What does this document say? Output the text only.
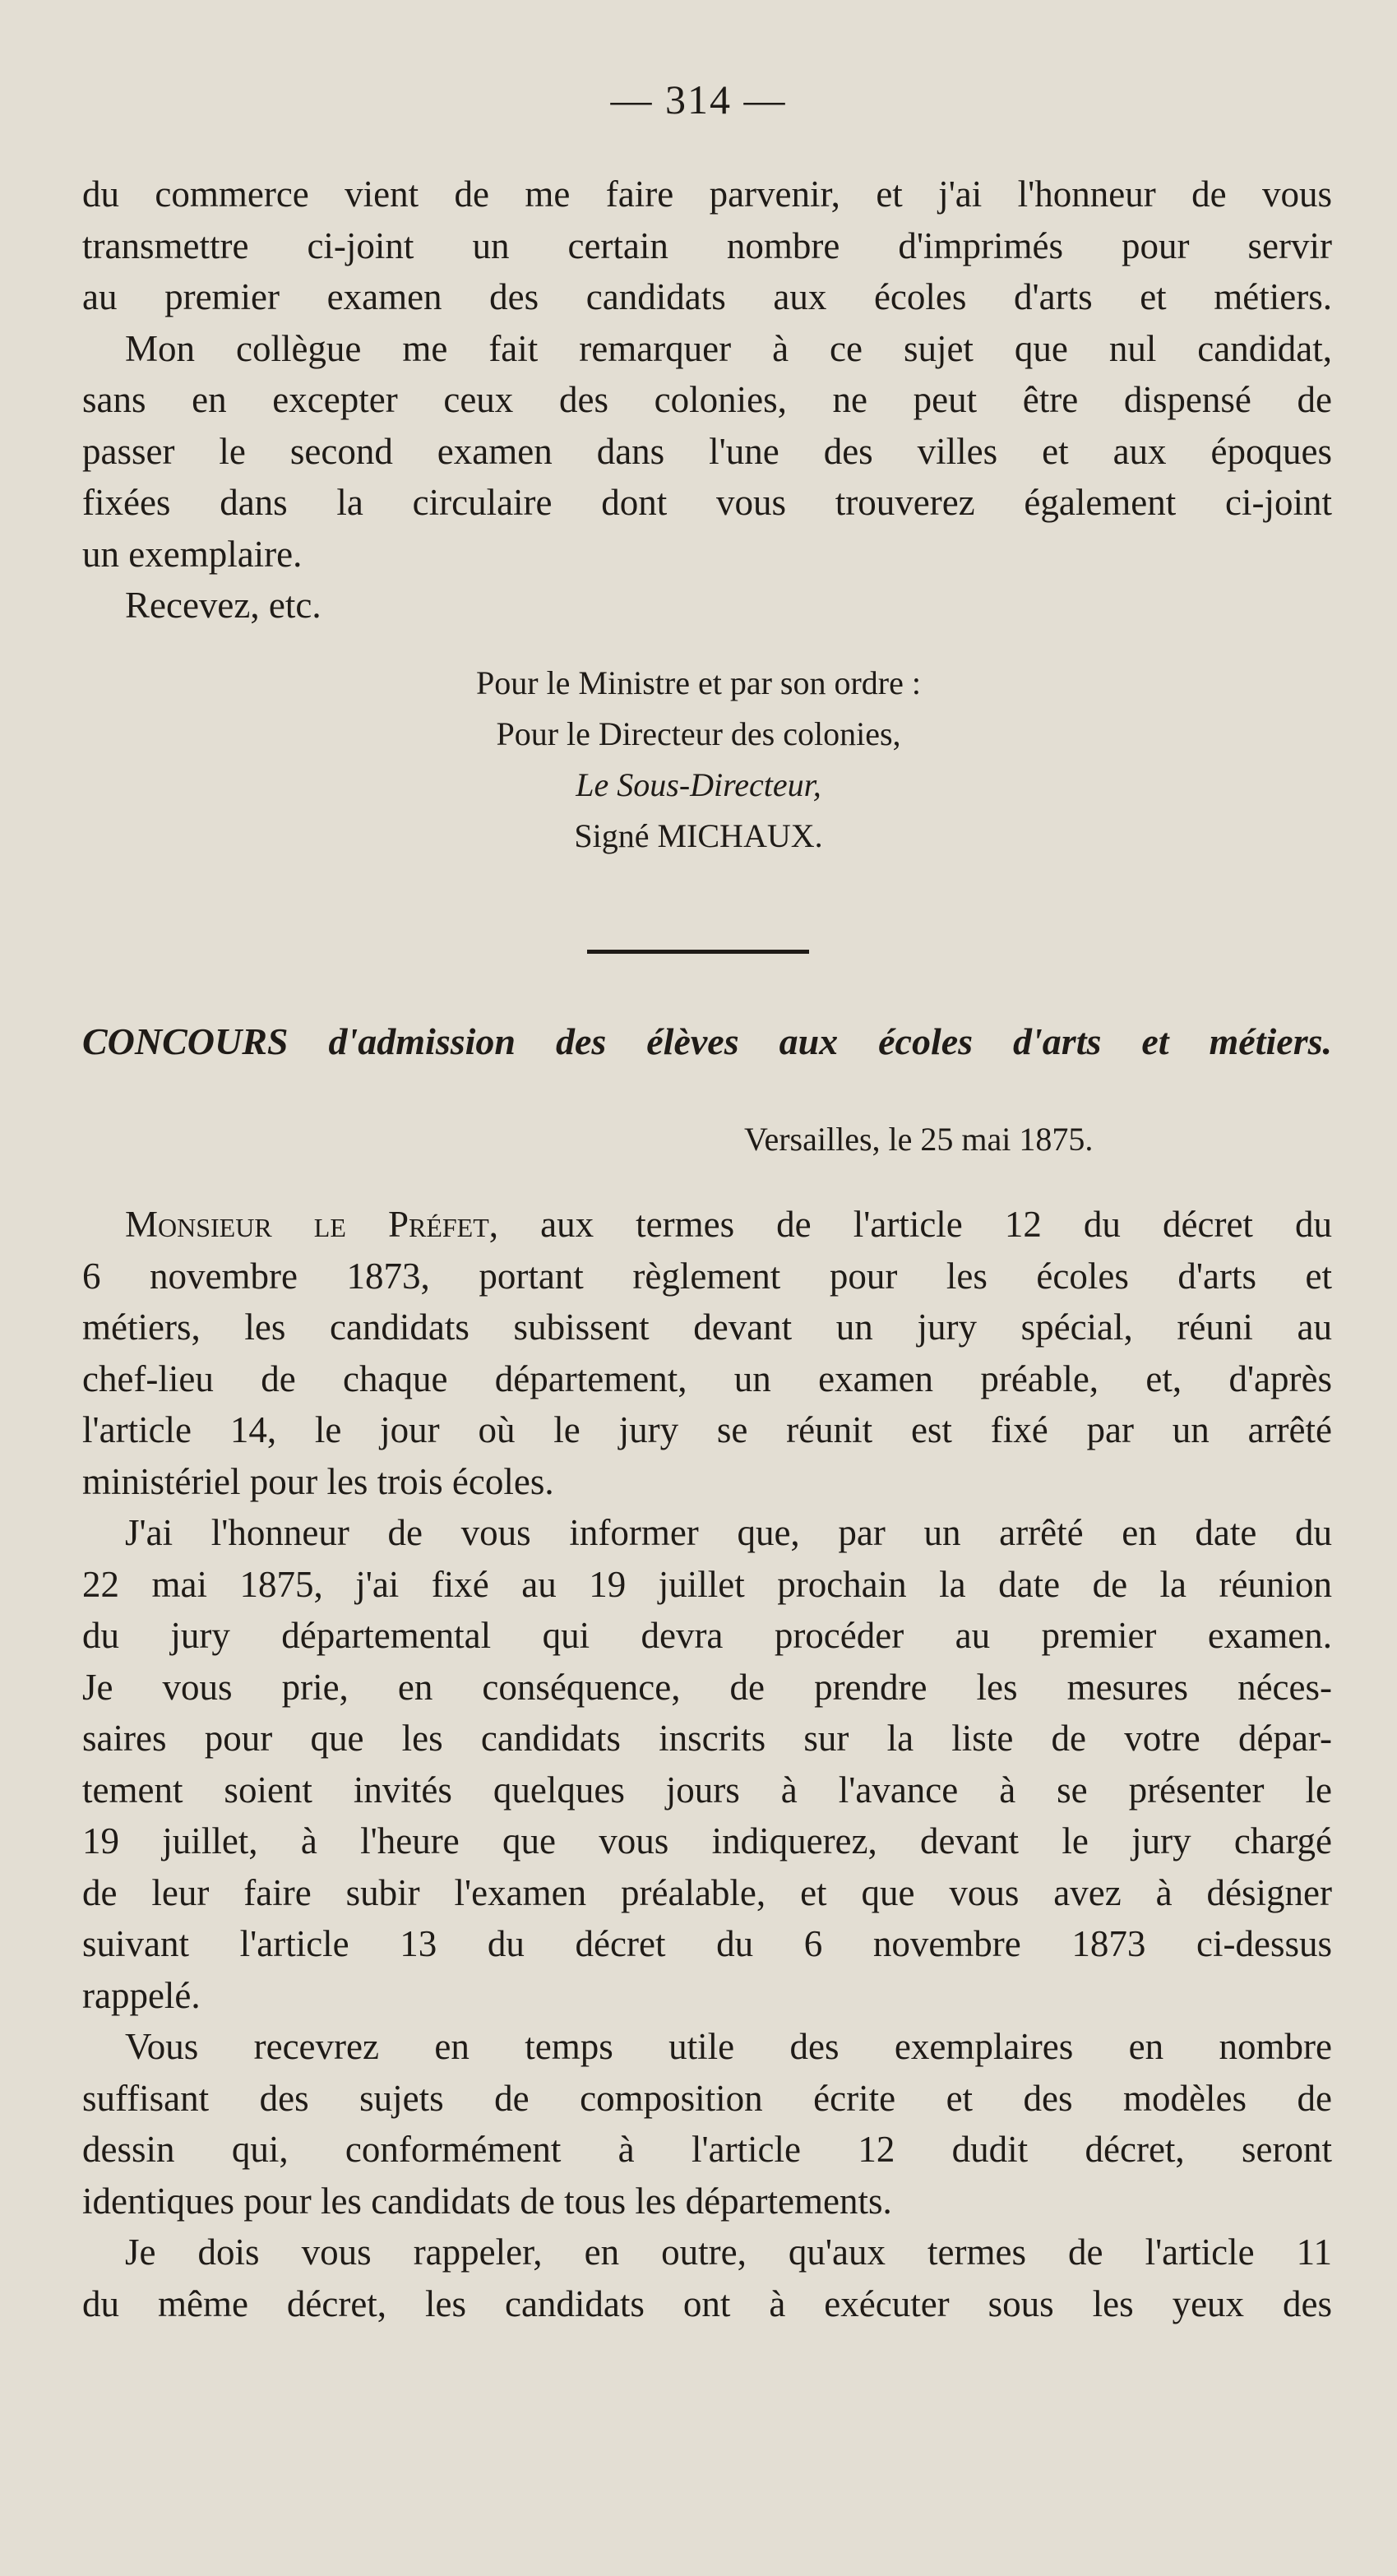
— 314 —
du commerce vient de me faire parvenir, et j'ai l'honneur de vous
transmettre ci-joint un certain nombre d'imprimés pour servir
au premier examen des candidats aux écoles d'arts et métiers.
Mon collègue me fait remarquer à ce sujet que nul candidat,
sans en excepter ceux des colonies, ne peut être dispensé de
passer le second examen dans l'une des villes et aux époques
fixées dans la circulaire dont vous trouverez également ci-joint
un exemplaire.
Recevez, etc.
Pour le Ministre et par son ordre :
Pour le Directeur des colonies,
Le Sous-Directeur,
Signé MICHAUX.
CONCOURS d'admission des élèves aux écoles d'arts et métiers.
Versailles, le 25 mai 1875.
Monsieur le Préfet, aux termes de l'article 12 du décret du
6 novembre 1873, portant règlement pour les écoles d'arts et
métiers, les candidats subissent devant un jury spécial, réuni au
chef-lieu de chaque département, un examen préable, et, d'après
l'article 14, le jour où le jury se réunit est fixé par un arrêté
ministériel pour les trois écoles.
J'ai l'honneur de vous informer que, par un arrêté en date du
22 mai 1875, j'ai fixé au 19 juillet prochain la date de la réunion
du jury départemental qui devra procéder au premier examen.
Je vous prie, en conséquence, de prendre les mesures néces-
saires pour que les candidats inscrits sur la liste de votre dépar-
tement soient invités quelques jours à l'avance à se présenter le
19 juillet, à l'heure que vous indiquerez, devant le jury chargé
de leur faire subir l'examen préalable, et que vous avez à désigner
suivant l'article 13 du décret du 6 novembre 1873 ci-dessus
rappelé.
Vous recevrez en temps utile des exemplaires en nombre
suffisant des sujets de composition écrite et des modèles de
dessin qui, conformément à l'article 12 dudit décret, seront
identiques pour les candidats de tous les départements.
Je dois vous rappeler, en outre, qu'aux termes de l'article 11
du même décret, les candidats ont à exécuter sous les yeux des
